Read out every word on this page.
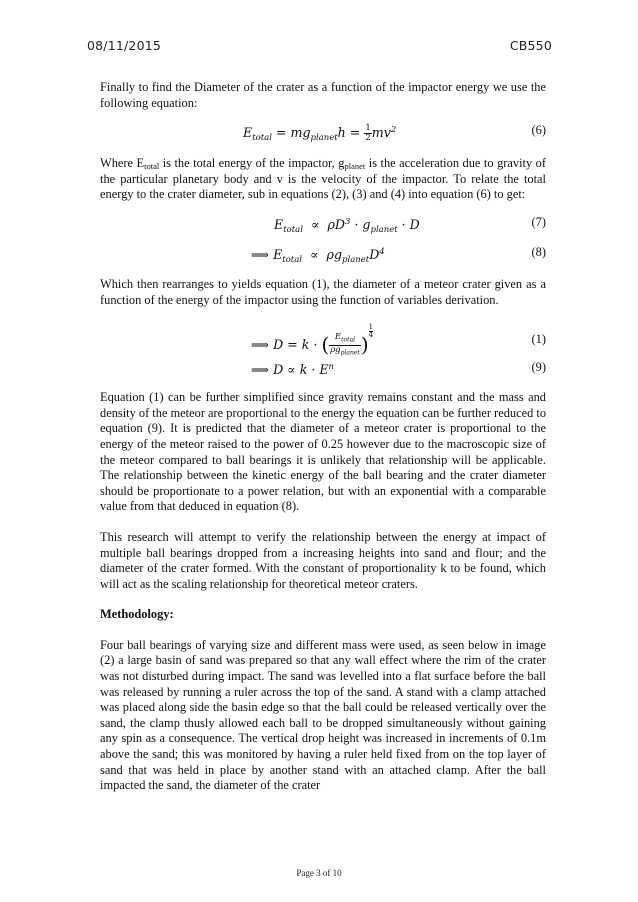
08/11/2015	CB550

Finally to find the Diameter of the crater as a function of the impactor energy we use the following equation:

$E_{total} = mg_{planet}h = \frac{1}{2} mv^2$	(6)

Where $E_{total}$ is the total energy of the impactor, $g_{planet}$ is the acceleration due to gravity of the particular planetary body and v is the velocity of the impactor. To relate the total energy to the crater diameter, sub in equations (2), (3) and (4) into equation (6) to get:

$E_{total} \propto \rho D^3 \cdot g_{planet} \cdot D$	(7)
⟹ $E_{total} \propto \rho g_{planet}D^4$	(8)

Which then rearranges to yields equation (1), the diameter of a meteor crater given as a function of the energy of the impactor using the function of variables derivation.

⟹ D = k · ( $\frac{E_{total}}{\rho g_{planet}}$ )
$\frac{1}{4}$	(1)
⟹ $D \propto k \cdot E^n$	(9)

Equation (1) can be further simplified since gravity remains constant and the mass and density of the meteor are proportional to the energy the equation can be further reduced to equation (9). It is predicted that the diameter of a meteor crater is proportional to the energy of the meteor raised to the power of 0.25 however due to the macroscopic size of the meteor compared to ball bearings it is unlikely that relationship will be applicable. The relationship between the kinetic energy of the ball bearing and the crater diameter should be proportionate to a power relation, but with an exponential with a comparable value from that deduced in equation (8).

This research will attempt to verify the relationship between the energy at impact of multiple ball bearings dropped from a increasing heights into sand and flour; and the diameter of the crater formed. With the constant of proportionality k to be found, which will act as the scaling relationship for theoretical meteor craters.

Methodology:

Four ball bearings of varying size and different mass were used, as seen below in image (2) a large basin of sand was prepared so that any wall effect where the rim of the crater was not disturbed during impact. The sand was levelled into a flat surface before the ball was released by running a ruler across the top of the sand. A stand with a clamp attached was placed along side the basin edge so that the ball could be released vertically over the sand, the clamp thusly allowed each ball to be dropped simultaneously without gaining any spin as a consequence. The vertical drop height was increased in increments of 0.1m above the sand; this was monitored by having a ruler held fixed from on the top layer of sand that was held in place by another stand with an attached clamp. After the ball impacted the sand, the diameter of the crater

Page 3 of 10
